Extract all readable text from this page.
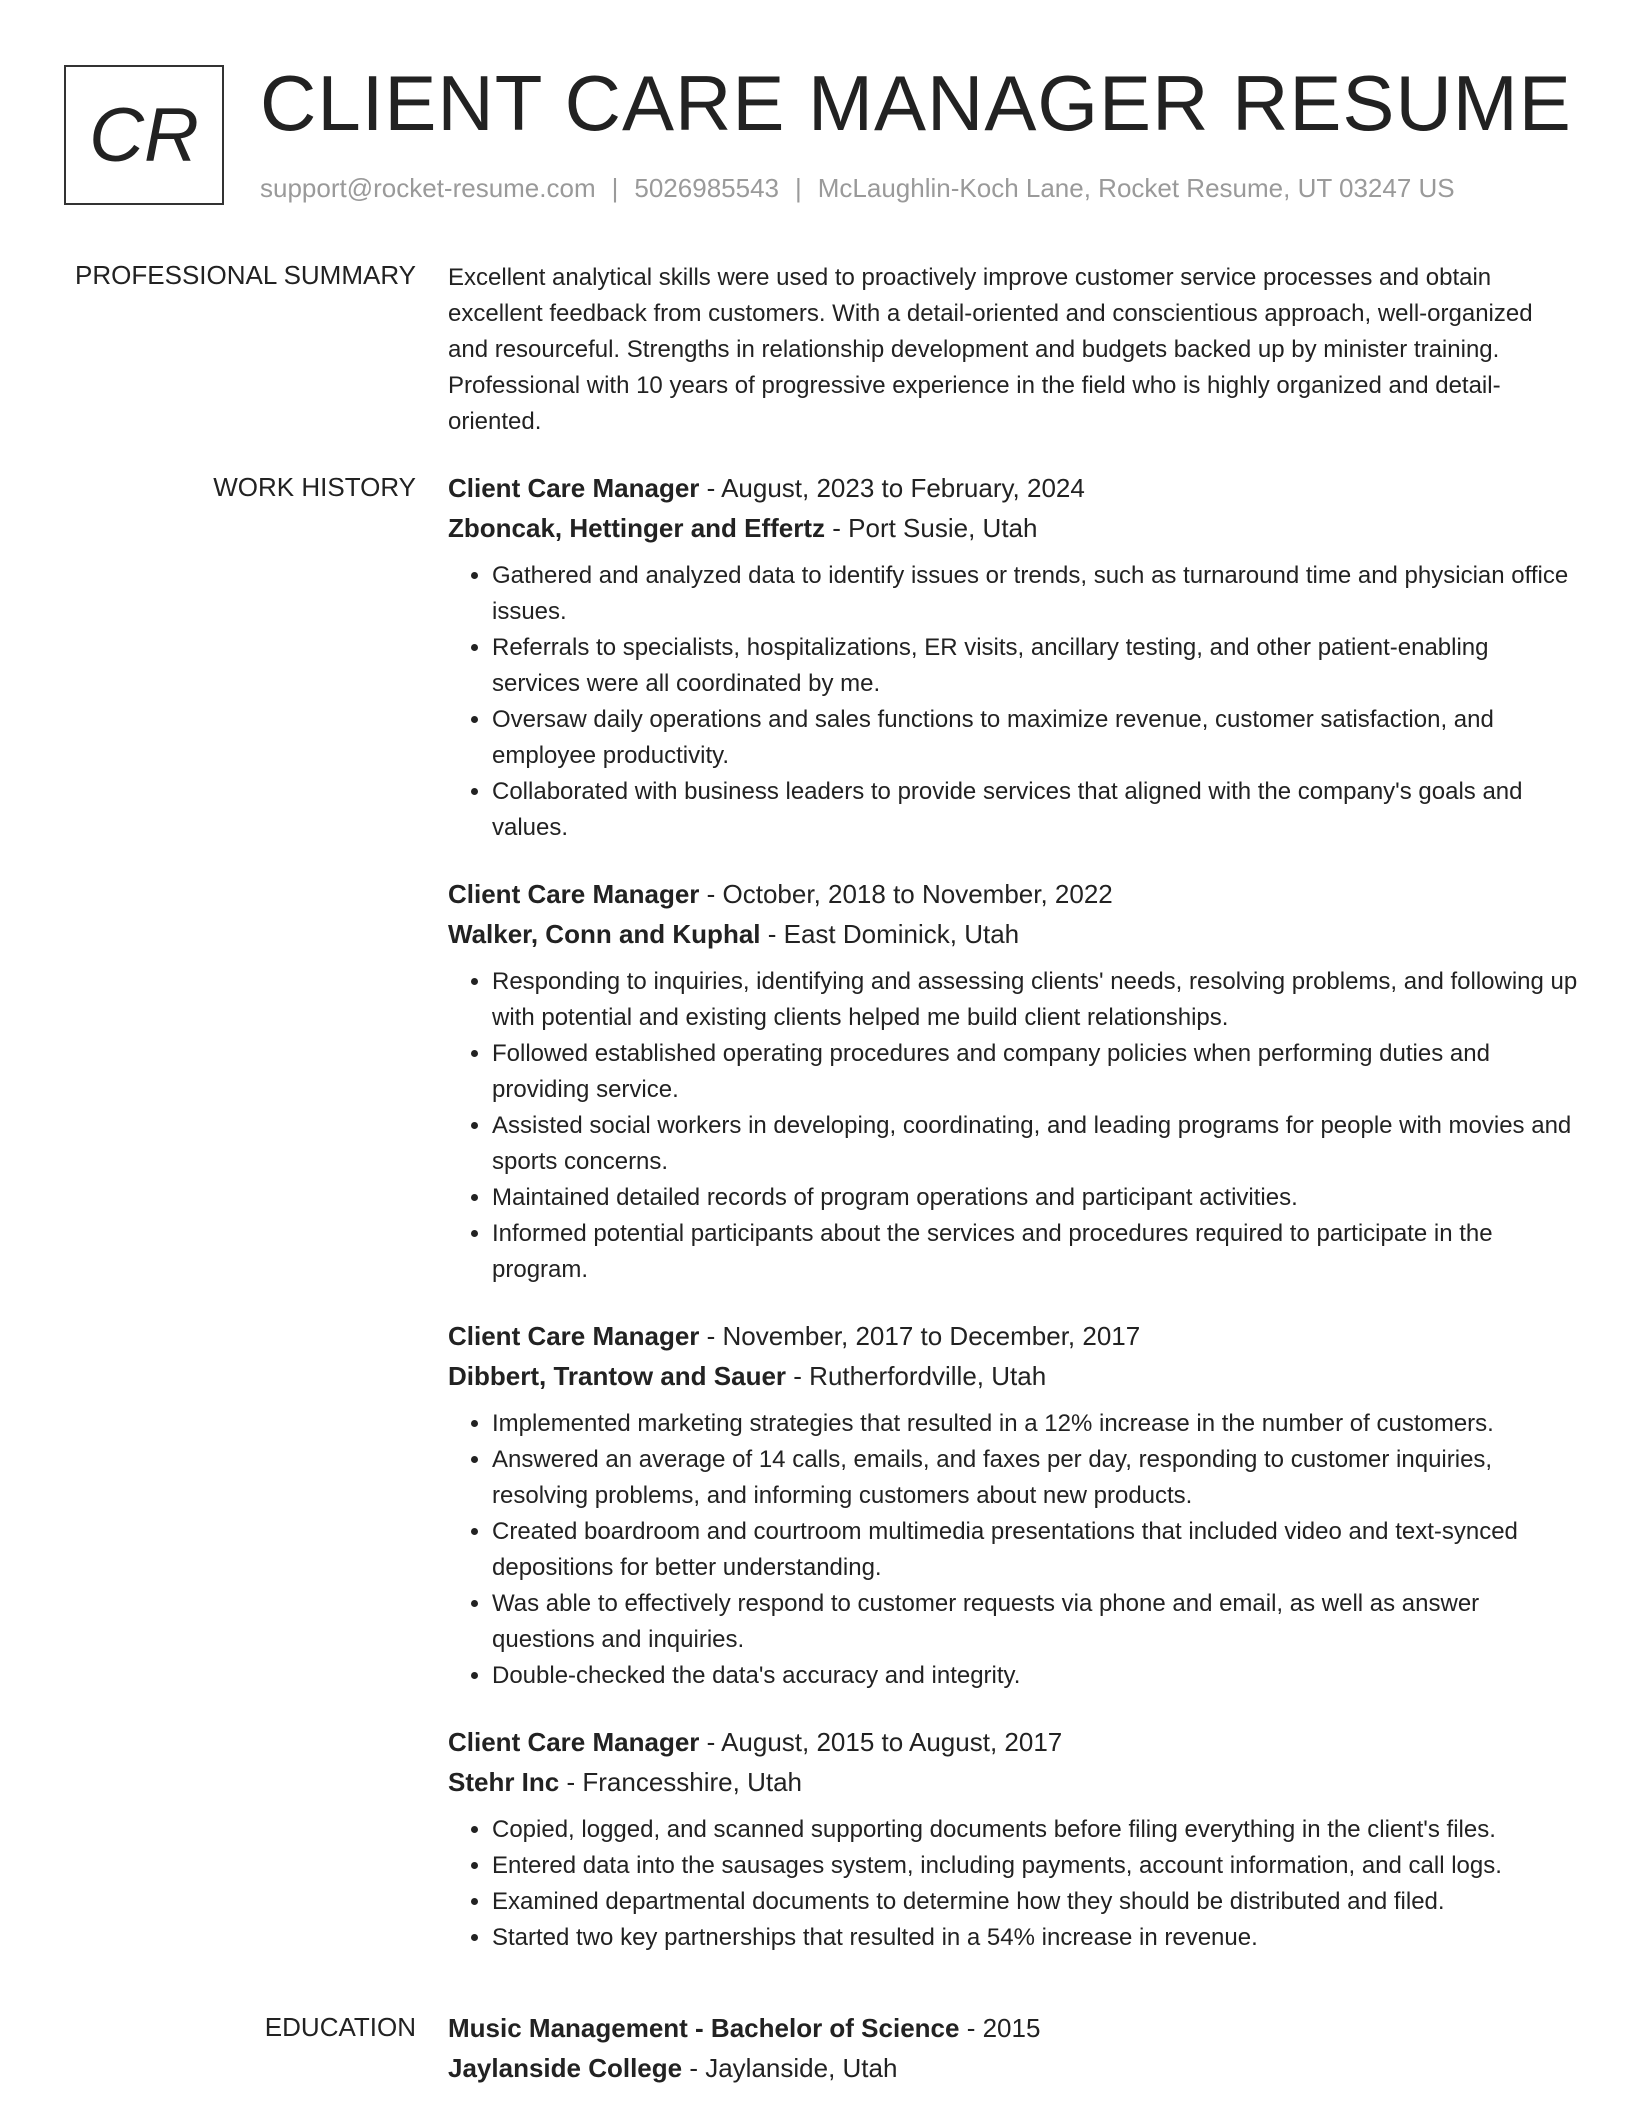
CR CLIENT CARE MANAGER RESUME
support@rocket-resume.com | 5026985543 | McLaughlin-Koch Lane, Rocket Resume, UT 03247 US
PROFESSIONAL SUMMARY Excellent analytical skills were used to proactively improve customer service processes and obtain excellent feedback from customers. With a detail-oriented and conscientious approach, well-organized and resourceful. Strengths in relationship development and budgets backed up by minister training. Professional with 10 years of progressive experience in the field who is highly organized and detail-oriented.

WORK HISTORY Client Care Manager - August, 2023 to February, 2024
Zboncak, Hettinger and Effertz - Port Susie, Utah
• Gathered and analyzed data to identify issues or trends, such as turnaround time and physician office issues.
• Referrals to specialists, hospitalizations, ER visits, ancillary testing, and other patient-enabling services were all coordinated by me.
• Oversaw daily operations and sales functions to maximize revenue, customer satisfaction, and employee productivity.
• Collaborated with business leaders to provide services that aligned with the company's goals and values.
Client Care Manager - October, 2018 to November, 2022
Walker, Conn and Kuphal - East Dominick, Utah
• Responding to inquiries, identifying and assessing clients' needs, resolving problems, and following up with potential and existing clients helped me build client relationships.
• Followed established operating procedures and company policies when performing duties and providing service.
• Assisted social workers in developing, coordinating, and leading programs for people with movies and sports concerns.
• Maintained detailed records of program operations and participant activities.
• Informed potential participants about the services and procedures required to participate in the program.
Client Care Manager - November, 2017 to December, 2017
Dibbert, Trantow and Sauer - Rutherfordville, Utah
• Implemented marketing strategies that resulted in a 12% increase in the number of customers.
• Answered an average of 14 calls, emails, and faxes per day, responding to customer inquiries, resolving problems, and informing customers about new products.
• Created boardroom and courtroom multimedia presentations that included video and text-synced depositions for better understanding.
• Was able to effectively respond to customer requests via phone and email, as well as answer questions and inquiries.
• Double-checked the data's accuracy and integrity.
Client Care Manager - August, 2015 to August, 2017
Stehr Inc - Francesshire, Utah
• Copied, logged, and scanned supporting documents before filing everything in the client's files.
• Entered data into the sausages system, including payments, account information, and call logs.
• Examined departmental documents to determine how they should be distributed and filed.
• Started two key partnerships that resulted in a 54% increase in revenue.
EDUCATION Music Management - Bachelor of Science - 2015
Jaylanside College - Jaylanside, Utah
